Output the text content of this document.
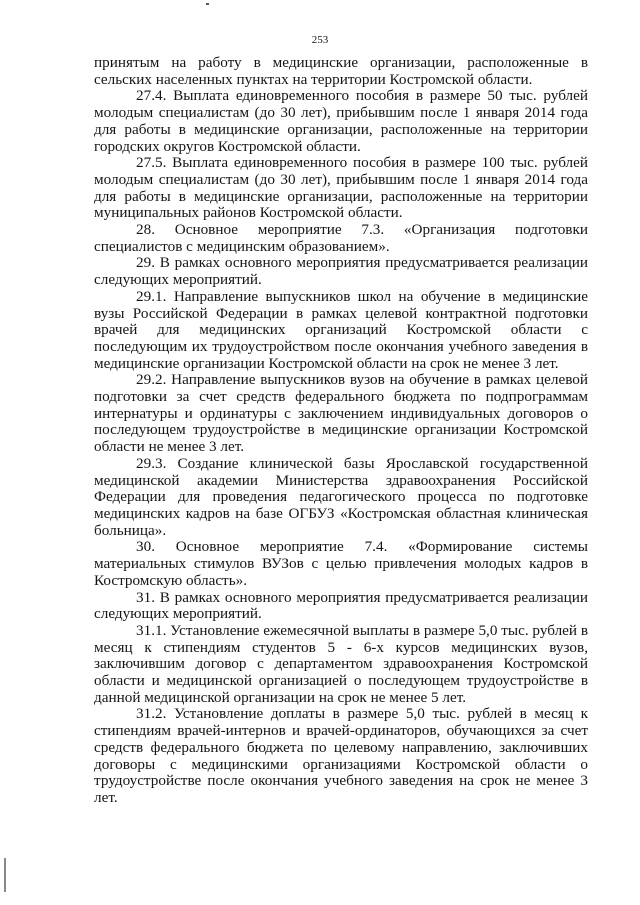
253

принятым на работу в медицинские организации, расположенные в сельских населенных пунктах на территории Костромской области.

27.4. Выплата единовременного пособия в размере 50 тыс. рублей молодым специалистам (до 30 лет), прибывшим после 1 января 2014 года для работы в медицинские организации, расположенные на территории городских округов Костромской области.

27.5. Выплата единовременного пособия в размере 100 тыс. рублей молодым специалистам (до 30 лет), прибывшим после 1 января 2014 года для работы в медицинские организации, расположенные на территории муниципальных районов Костромской области.

28. Основное мероприятие 7.3. «Организация подготовки специалистов с медицинским образованием».

29. В рамках основного мероприятия предусматривается реализации следующих мероприятий.

29.1. Направление выпускников школ на обучение в медицинские вузы Российской Федерации в рамках целевой контрактной подготовки врачей для медицинских организаций Костромской области с последующим их трудоустройством после окончания учебного заведения в медицинские организации Костромской области на срок не менее 3 лет.

29.2. Направление выпускников вузов на обучение в рамках целевой подготовки за счет средств федерального бюджета по подпрограммам интернатуры и ординатуры с заключением индивидуальных договоров о последующем трудоустройстве в медицинские организации Костромской области не менее 3 лет.

29.3. Создание клинической базы Ярославской государственной медицинской академии Министерства здравоохранения Российской Федерации для проведения педагогического процесса по подготовке медицинских кадров на базе ОГБУЗ «Костромская областная клиническая больница».

30. Основное мероприятие 7.4. «Формирование системы материальных стимулов ВУЗов с целью привлечения молодых кадров в Костромскую область».

31. В рамках основного мероприятия предусматривается реализации следующих мероприятий.

31.1. Установление ежемесячной выплаты в размере 5,0 тыс. рублей в месяц к стипендиям студентов 5 - 6-х курсов медицинских вузов, заключившим договор с департаментом здравоохранения Костромской области и медицинской организацией о последующем трудоустройстве в данной медицинской организации на срок не менее 5 лет.

31.2. Установление доплаты в размере 5,0 тыс. рублей в месяц к стипендиям врачей-интернов и врачей-ординаторов, обучающихся за счет средств федерального бюджета по целевому направлению, заключивших договоры с медицинскими организациями Костромской области о трудоустройстве после окончания учебного заведения на срок не менее 3 лет.
